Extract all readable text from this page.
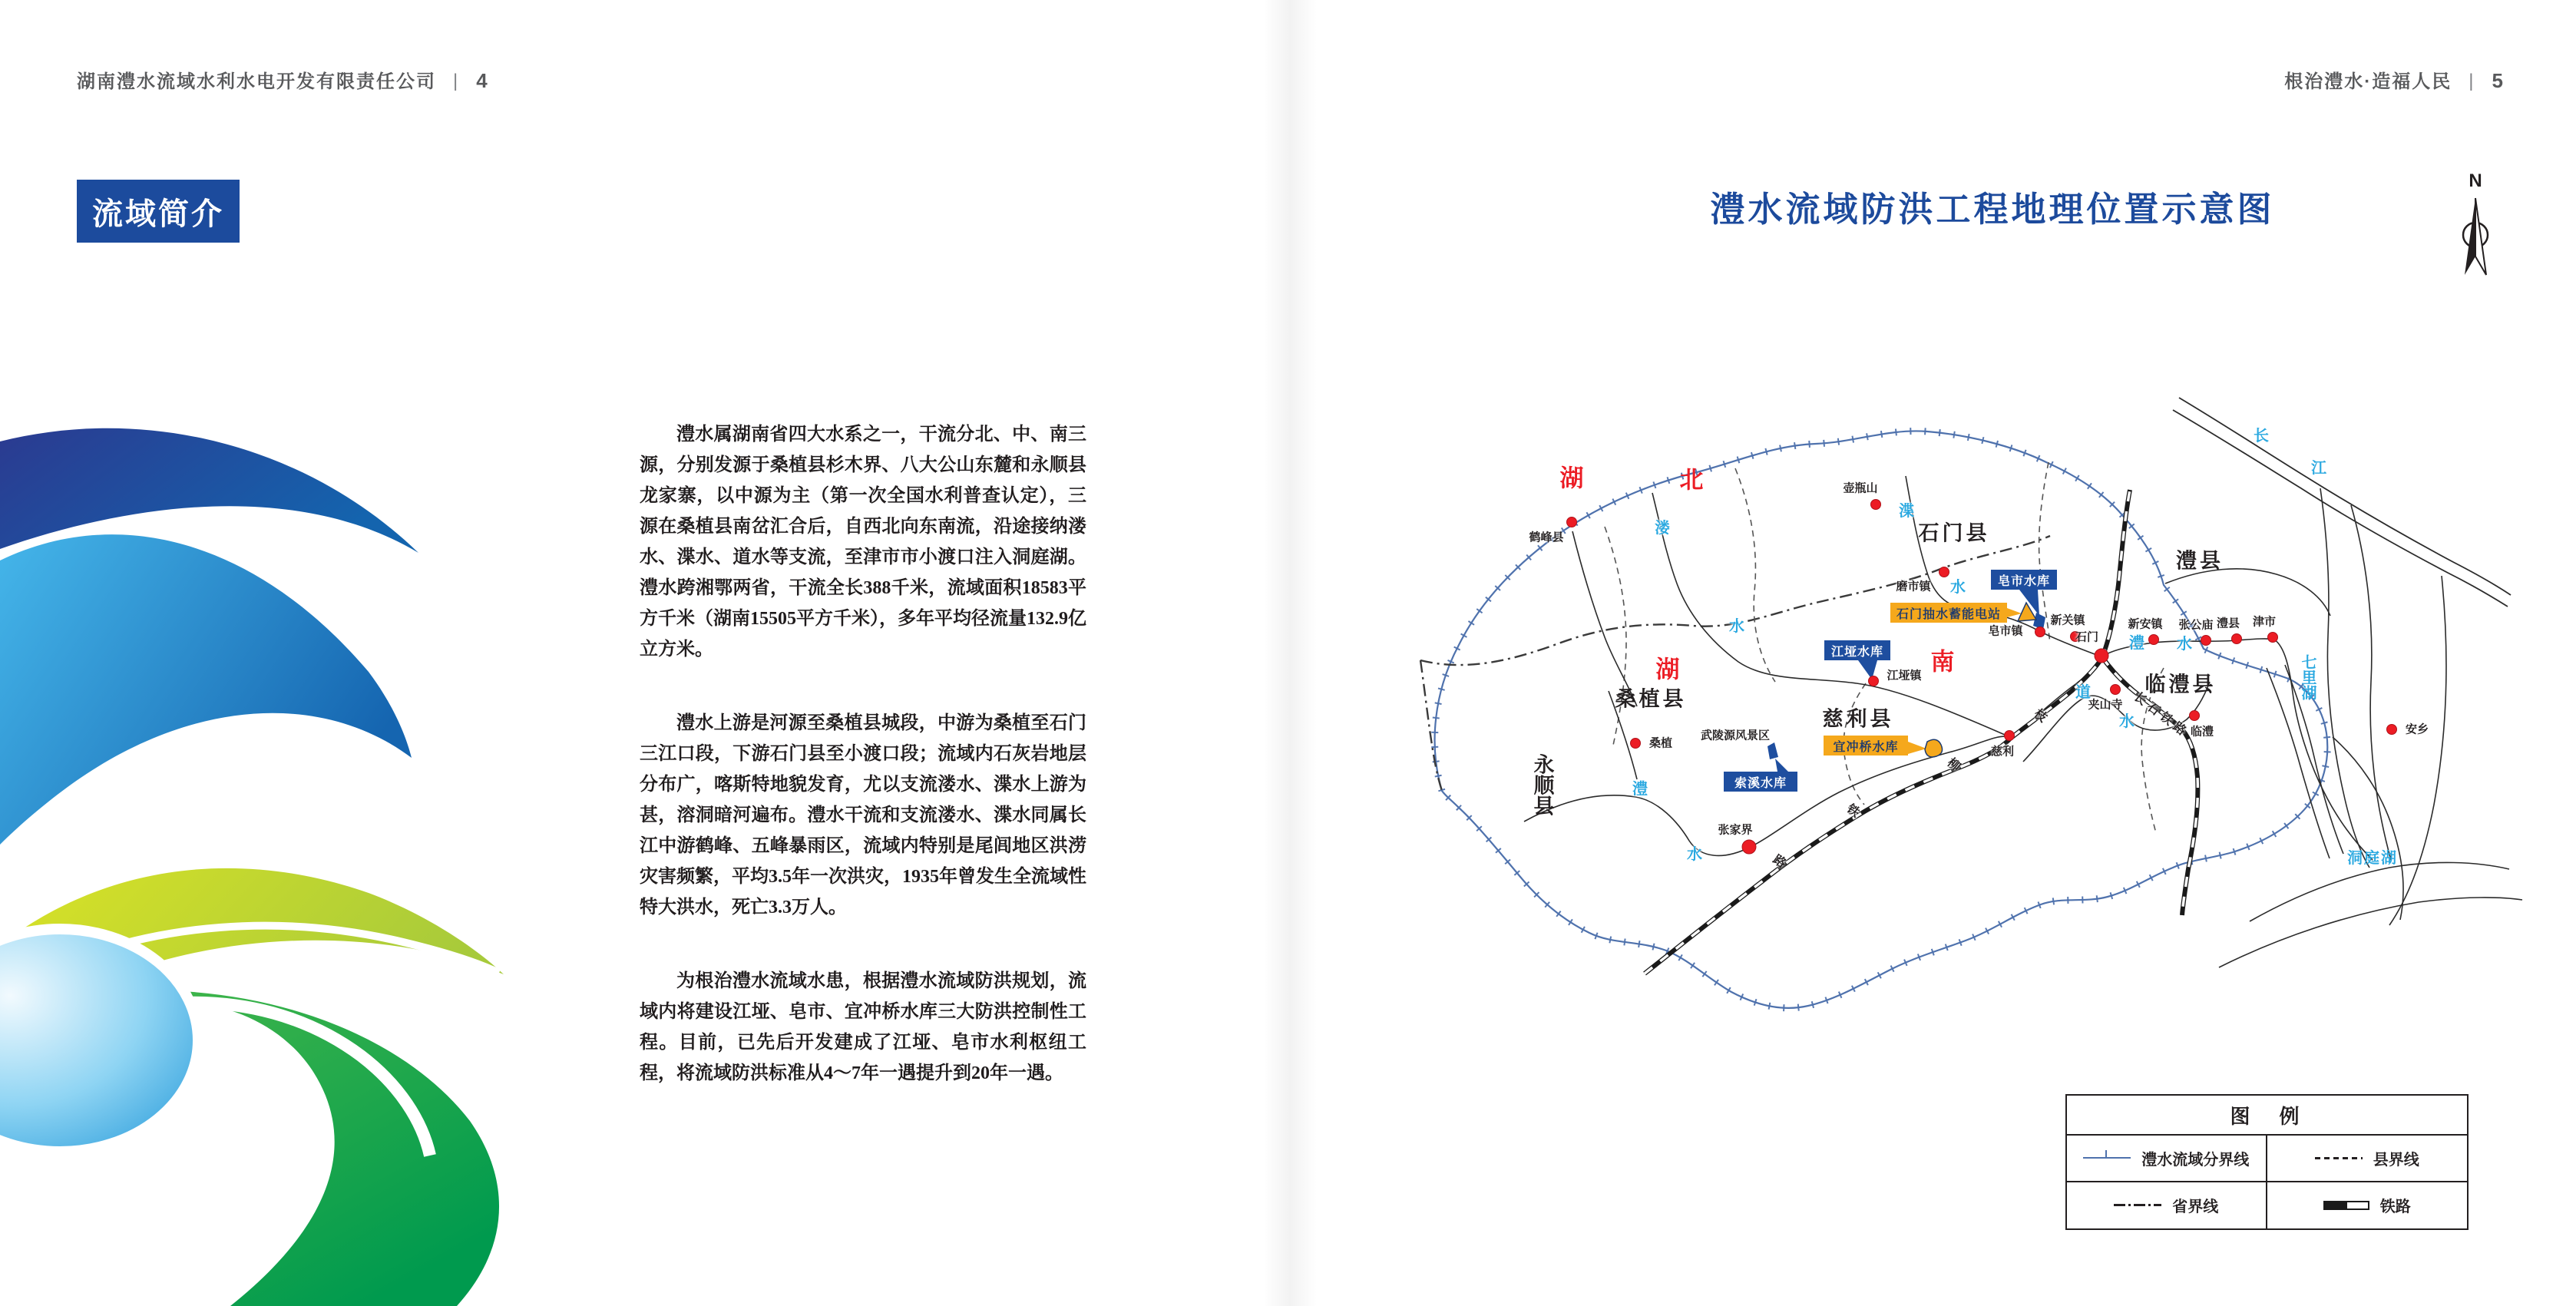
湖南澧水流域水利水电开发有限责任公司 | 4	根治澧水·造福人民 | 5
流域简介

澧水属湖南省四大水系之一，干流分北、中、南三源，分别发源于桑植县杉木界、八大公山东麓和永顺县龙家寨，以中源为主（第一次全国水利普查认定），三源在桑植县南岔汇合后，自西北向东南流，沿途接纳溇水、渫水、道水等支流，至津市市小渡口注入洞庭湖。澧水跨湘鄂两省，干流全长388千米，流域面积18583平方千米（湖南15505平方千米），多年平均径流量132.9亿立方米。

澧水上游是河源至桑植县城段，中游为桑植至石门三江口段，下游石门县至小渡口段；流域内石灰岩地层分布广，喀斯特地貌发育，尤以支流溇水、渫水上游为甚，溶洞暗河遍布。澧水干流和支流溇水、渫水同属长江中游鹤峰、五峰暴雨区，流域内特别是尾闾地区洪涝灾害频繁，平均3.5年一次洪灾，1935年曾发生全流域性特大洪水，死亡3.3万人。

为根治澧水流域水患，根据澧水流域防洪规划，流域内将建设江垭、皂市、宜冲桥水库三大防洪控制性工程。目前，已先后开发建成了江垭、皂市水利枢纽工程，将流域防洪标准从4～7年一遇提升到20年一遇。

澧水流域防洪工程地理位置示意图
N
湖	北
湖	南
石门县
澧县
临澧县
慈利县
桑植县
永顺县
武陵源风景区
溇
水
渫
水
澧
水
澧 水
道
水
长
江
洞庭湖
七里湖
枝
柳
铁
路
长
石
铁
路
鹤峰县
壶瓶山
磨市镇
皂市镇
新关镇
石门
新安镇 张公庙 澧县 津市
夹山寺
临澧
慈利
江垭镇
桑植
张家界
安乡
江垭水库
皂市水库
索溪水库
宜冲桥水库
石门抽水蓄能电站
图　例
澧水流域分界线	县界线
省界线	铁路
